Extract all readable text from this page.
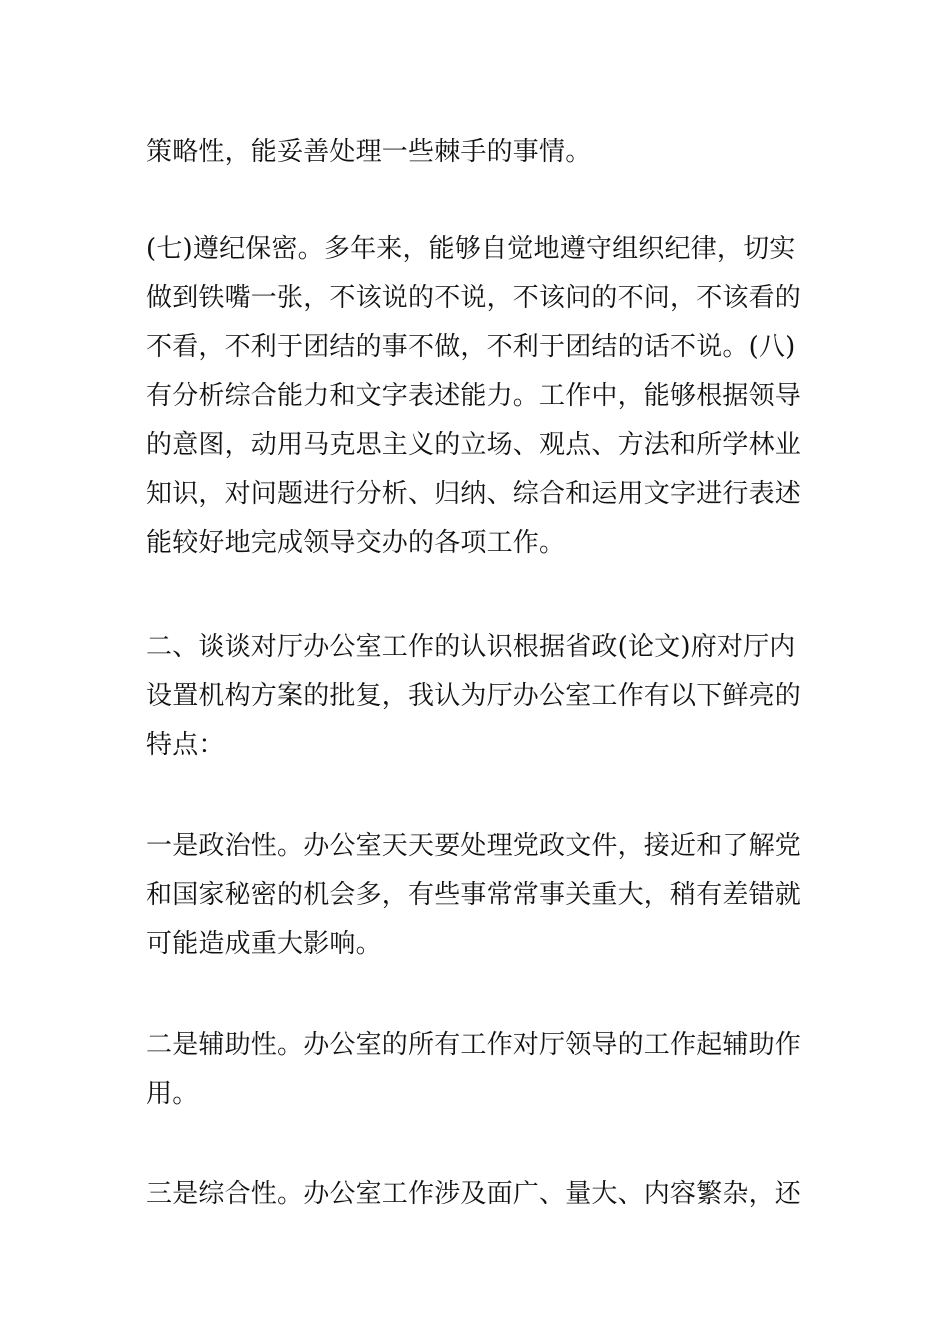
策略性，能妥善处理一些棘手的事情。

(七)遵纪保密。多年来，能够自觉地遵守组织纪律，切实
做到铁嘴一张，不该说的不说，不该问的不问，不该看的
不看，不利于团结的事不做，不利于团结的话不说。(八)
有分析综合能力和文字表述能力。工作中，能够根据领导
的意图，动用马克思主义的立场、观点、方法和所学林业
知识，对问题进行分析、归纳、综合和运用文字进行表述
能较好地完成领导交办的各项工作。

二、谈谈对厅办公室工作的认识根据省政(论文)府对厅内
设置机构方案的批复，我认为厅办公室工作有以下鲜亮的
特点：

一是政治性。办公室天天要处理党政文件，接近和了解党
和国家秘密的机会多，有些事常常事关重大，稍有差错就
可能造成重大影响。

二是辅助性。办公室的所有工作对厅领导的工作起辅助作
用。

三是综合性。办公室工作涉及面广、量大、内容繁杂，还
